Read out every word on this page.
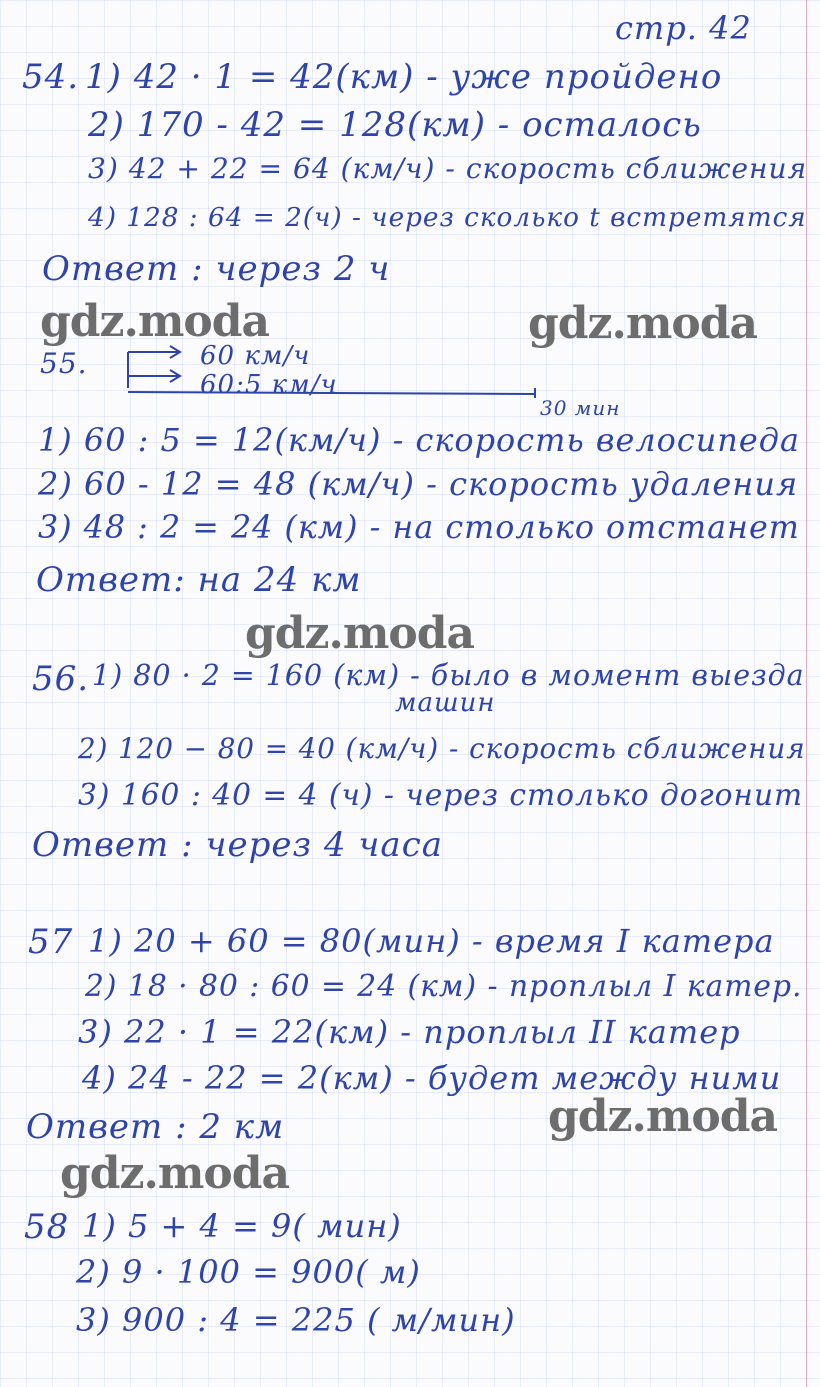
стр. 42
54. 1) 42 · 1 = 42(км) - уже пройдено
2) 170 - 42 = 128(км) - осталось
3) 42 + 22 = 64 (км/ч) - скорость сближения
4) 128 : 64 = 2(ч) - через сколько t встретятся
Ответ : через 2 ч
gdz.moda	gdz.moda
55.	60 км/ч
60:5 км/ч
30 мин
1) 60 : 5 = 12(км/ч) - скорость велосипеда
2) 60 - 12 = 48 (км/ч) - скорость удаления
3) 48 : 2 = 24 (км) - на столько отстанет
Ответ: на 24 км
gdz.moda
56. 1) 80 · 2 = 160 (км) - было в момент выезда
машин
2) 120 − 80 = 40 (км/ч) - скорость сближения
3) 160 : 40 = 4 (ч) - через столько догонит
Ответ : через 4 часа
57 1) 20 + 60 = 80(мин) - время I катера
2) 18 · 80 : 60 = 24 (км) - проплыл I катер.
3) 22 · 1 = 22(км) - проплыл II катер
4) 24 - 22 = 2(км) - будет между ними
Ответ : 2 км	gdz.moda
gdz.moda
58 1) 5 + 4 = 9( мин)
2) 9 · 100 = 900( м)
3) 900 : 4 = 225 ( м/мин)
